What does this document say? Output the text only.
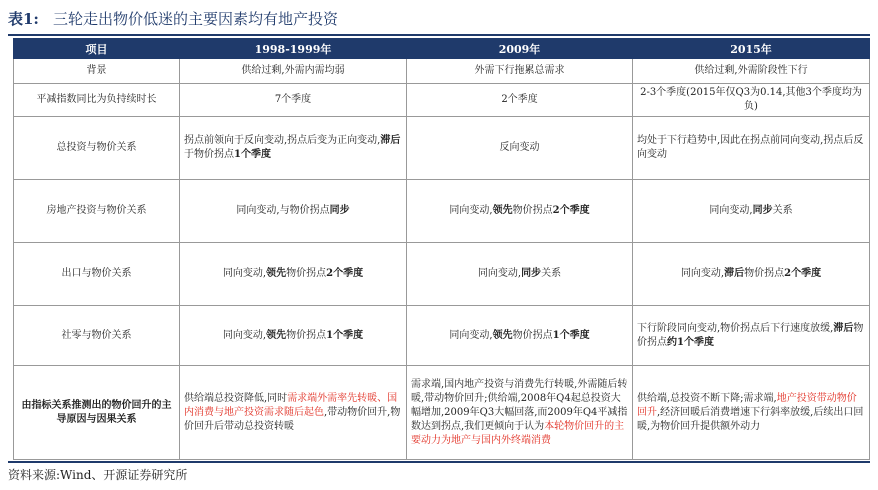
表1: 三轮走出物价低迷的主要因素均有地产投资
项目	1998-1999年	2009年	2015年
背景	供给过剩,外需内需均弱	外需下行拖累总需求	供给过剩,外需阶段性下行
平减指数同比为负持续时长	7个季度	2个季度	2-3个季度(2015年仅Q3为0.14,其他3个季度均为负)
总投资与物价关系	拐点前领向于反向变动,拐点后变为正向变动,滞后于物价拐点1个季度	反向变动	均处于下行趋势中,因此在拐点前同向变动,拐点后反向变动
房地产投资与物价关系	同向变动,与物价拐点同步	同向变动,领先物价拐点2个季度	同向变动,同步关系
出口与物价关系	同向变动,领先物价拐点2个季度	同向变动,同步关系	同向变动,滞后物价拐点2个季度
社零与物价关系	同向变动,领先物价拐点1个季度	同向变动,领先物价拐点1个季度	下行阶段同向变动,物价拐点后下行速度放缓,滞后物价拐点约1个季度
由指标关系推测出的物价回升的主导原因与因果关系	供给端总投资降低,同时需求端外需率先转暖、国内消费与地产投资需求随后起色,带动物价回升,物价回升后带动总投资转暖	需求端,国内地产投资与消费先行转暖,外需随后转暖,带动物价回升;供给端,2008年Q4起总投资大幅增加,2009年Q3大幅回落,而2009年Q4平减指数达到拐点,我们更倾向于认为本轮物价回升的主要动力为地产与国内外终端消费	供给端,总投资不断下降;需求端,地产投资带动物价回升,经济回暖后消费增速下行斜率放缓,后续出口回暖,为物价回升提供额外动力
资料来源:Wind、开源证券研究所
